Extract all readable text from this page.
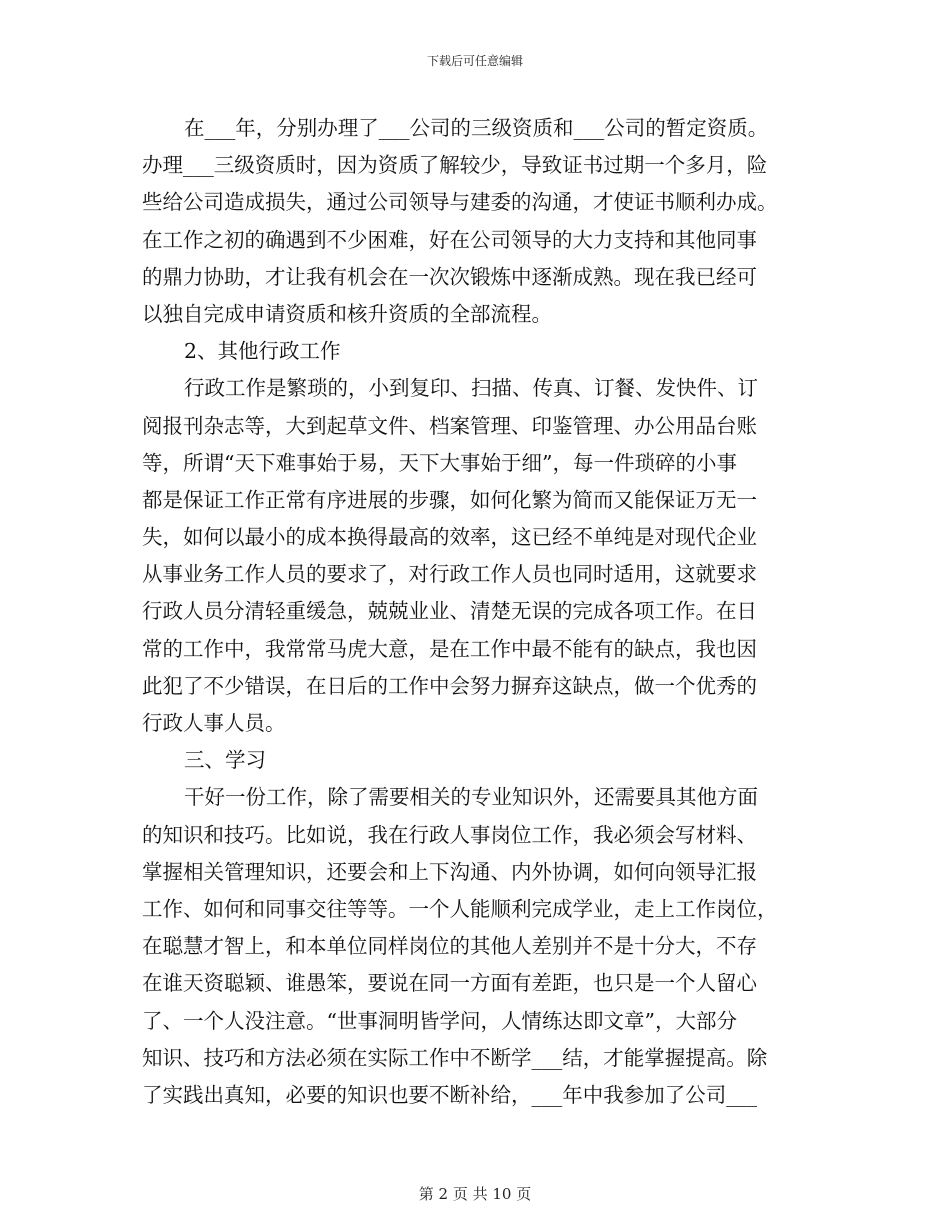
下载后可任意编辑
在___年，分别办理了___公司的三级资质和___公司的暂定资质。
办理___三级资质时，因为资质了解较少，导致证书过期一个多月，险
些给公司造成损失，通过公司领导与建委的沟通，才使证书顺利办成。
在工作之初的确遇到不少困难，好在公司领导的大力支持和其他同事
的鼎力协助，才让我有机会在一次次锻炼中逐渐成熟。现在我已经可
以独自完成申请资质和核升资质的全部流程。
2、其他行政工作
行政工作是繁琐的，小到复印、扫描、传真、订餐、发快件、订
阅报刊杂志等，大到起草文件、档案管理、印鉴管理、办公用品台账
等，所谓“天下难事始于易，天下大事始于细”，每一件琐碎的小事
都是保证工作正常有序进展的步骤，如何化繁为简而又能保证万无一
失，如何以最小的成本换得最高的效率，这已经不单纯是对现代企业
从事业务工作人员的要求了，对行政工作人员也同时适用，这就要求
行政人员分清轻重缓急，兢兢业业、清楚无误的完成各项工作。在日
常的工作中，我常常马虎大意，是在工作中最不能有的缺点，我也因
此犯了不少错误，在日后的工作中会努力摒弃这缺点，做一个优秀的
行政人事人员。
三、学习
干好一份工作，除了需要相关的专业知识外，还需要具其他方面
的知识和技巧。比如说，我在行政人事岗位工作，我必须会写材料、
掌握相关管理知识，还要会和上下沟通、内外协调，如何向领导汇报
工作、如何和同事交往等等。一个人能顺利完成学业，走上工作岗位，
在聪慧才智上，和本单位同样岗位的其他人差别并不是十分大，不存
在谁天资聪颖、谁愚笨，要说在同一方面有差距，也只是一个人留心
了、一个人没注意。“世事洞明皆学问，人情练达即文章”，大部分
知识、技巧和方法必须在实际工作中不断学___结，才能掌握提高。除
了实践出真知，必要的知识也要不断补给，___年中我参加了公司___
第 2 页 共 10 页
